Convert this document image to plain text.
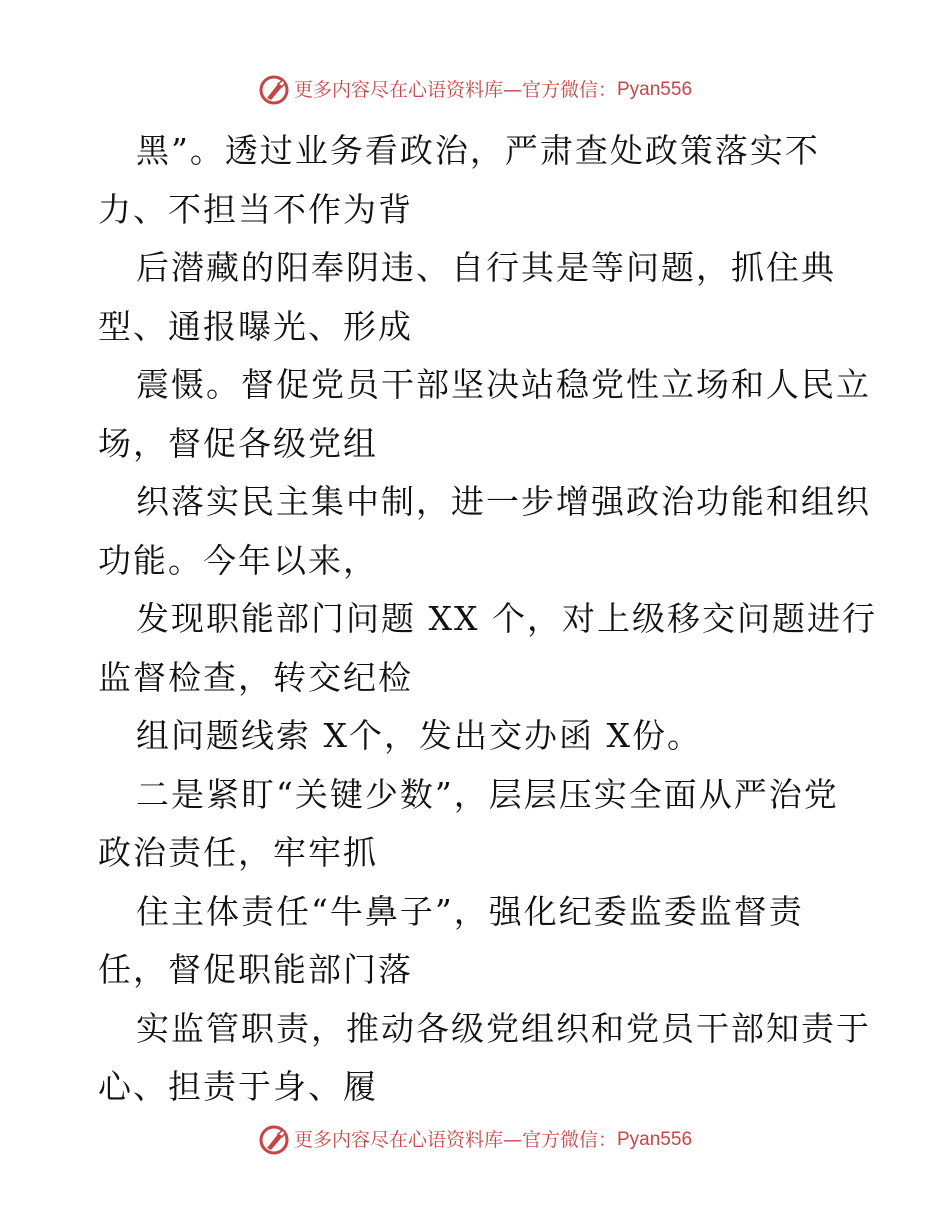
更多内容尽在心语资料库 — 官方微信： Pyan556
黑”。透过业务看政治，严肃查处政策落实不
力、不担当不作为背
后潜藏的阳奉阴违、自行其是等问题，抓住典
型、通报曝光、形成
震慑。督促党员干部坚决站稳党性立场和人民立
场，督促各级党组
织落实民主集中制，进一步增强政治功能和组织
功能。今年以来，
发现职能部门问题 XX 个，对上级移交问题进行
监督检查，转交纪检
组问题线索 X个，发出交办函 X份。
二是紧盯“关键少数”，层层压实全面从严治党
政治责任，牢牢抓
住主体责任“牛鼻子”，强化纪委监委监督责
任，督促职能部门落
实监管职责，推动各级党组织和党员干部知责于
心、担责于身、履
更多内容尽在心语资料库 — 官方微信： Pyan556
